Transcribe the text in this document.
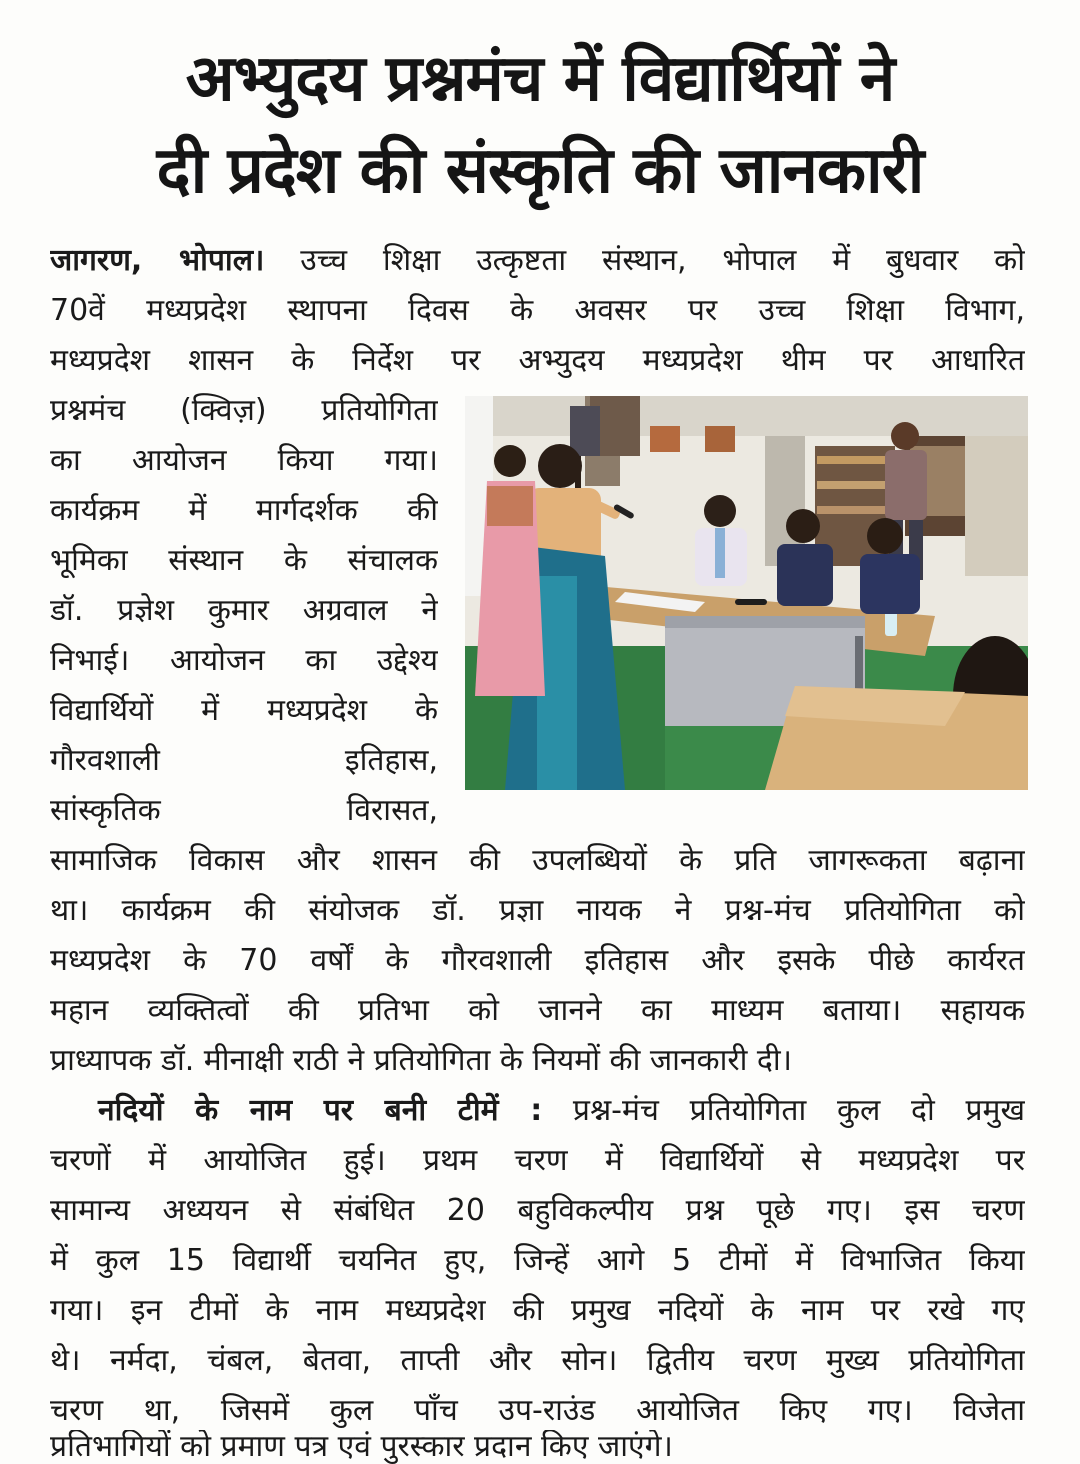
अभ्युदय प्रश्नमंच में विद्यार्थियों ने
दी प्रदेश की संस्कृति की जानकारी
जागरण, भोपाल। उच्च शिक्षा उत्कृष्टता संस्थान, भोपाल में बुधवार को
70वें मध्यप्रदेश स्थापना दिवस के अवसर पर उच्च शिक्षा विभाग,
मध्यप्रदेश शासन के निर्देश पर अभ्युदय मध्यप्रदेश थीम पर आधारित
प्रश्नमंच (क्विज़) प्रतियोगिता
का आयोजन किया गया।
कार्यक्रम में मार्गदर्शक की
भूमिका संस्थान के संचालक
डॉ. प्रज्ञेश कुमार अग्रवाल ने
निभाई। आयोजन का उद्देश्य
विद्यार्थियों में मध्यप्रदेश के
गौरवशाली इतिहास,
सांस्कृतिक विरासत,
सामाजिक विकास और शासन की उपलब्धियों के प्रति जागरूकता बढ़ाना
था। कार्यक्रम की संयोजक डॉ. प्रज्ञा नायक ने प्रश्न-मंच प्रतियोगिता को
मध्यप्रदेश के 70 वर्षों के गौरवशाली इतिहास और इसके पीछे कार्यरत
महान व्यक्तित्वों की प्रतिभा को जानने का माध्यम बताया। सहायक
प्राध्यापक डॉ. मीनाक्षी राठी ने प्रतियोगिता के नियमों की जानकारी दी।
नदियों के नाम पर बनी टीमें : प्रश्न-मंच प्रतियोगिता कुल दो प्रमुख
चरणों में आयोजित हुई। प्रथम चरण में विद्यार्थियों से मध्यप्रदेश पर
सामान्य अध्ययन से संबंधित 20 बहुविकल्पीय प्रश्न पूछे गए। इस चरण
में कुल 15 विद्यार्थी चयनित हुए, जिन्हें आगे 5 टीमों में विभाजित किया
गया। इन टीमों के नाम मध्यप्रदेश की प्रमुख नदियों के नाम पर रखे गए
थे। नर्मदा, चंबल, बेतवा, ताप्ती और सोन। द्वितीय चरण मुख्य प्रतियोगिता
चरण था, जिसमें कुल पाँच उप-राउंड आयोजित किए गए। विजेता
प्रतिभागियों को प्रमाण पत्र एवं पुरस्कार प्रदान किए जाएंगे।
